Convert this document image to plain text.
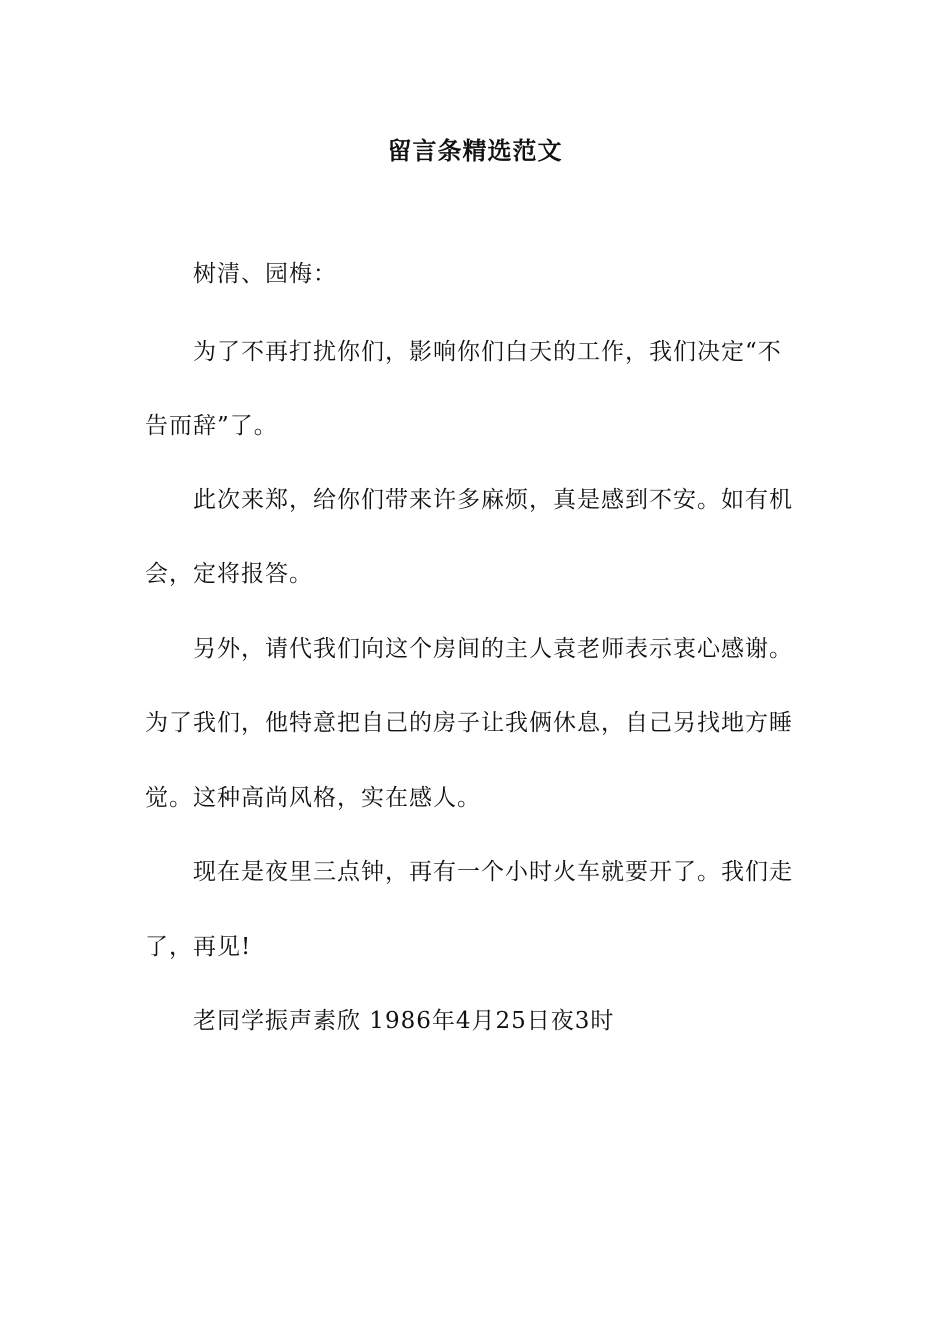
留言条精选范文
树清、园梅：
为了不再打扰你们，影响你们白天的工作，我们决定“不
告而辞”了。
此次来郑，给你们带来许多麻烦，真是感到不安。如有机
会，定将报答。
另外，请代我们向这个房间的主人袁老师表示衷心感谢。
为了我们，他特意把自己的房子让我俩休息，自己另找地方睡
觉。这种高尚风格，实在感人。
现在是夜里三点钟，再有一个小时火车就要开了。我们走
了，再见!
老同学振声素欣 1986年4月25日夜3时
